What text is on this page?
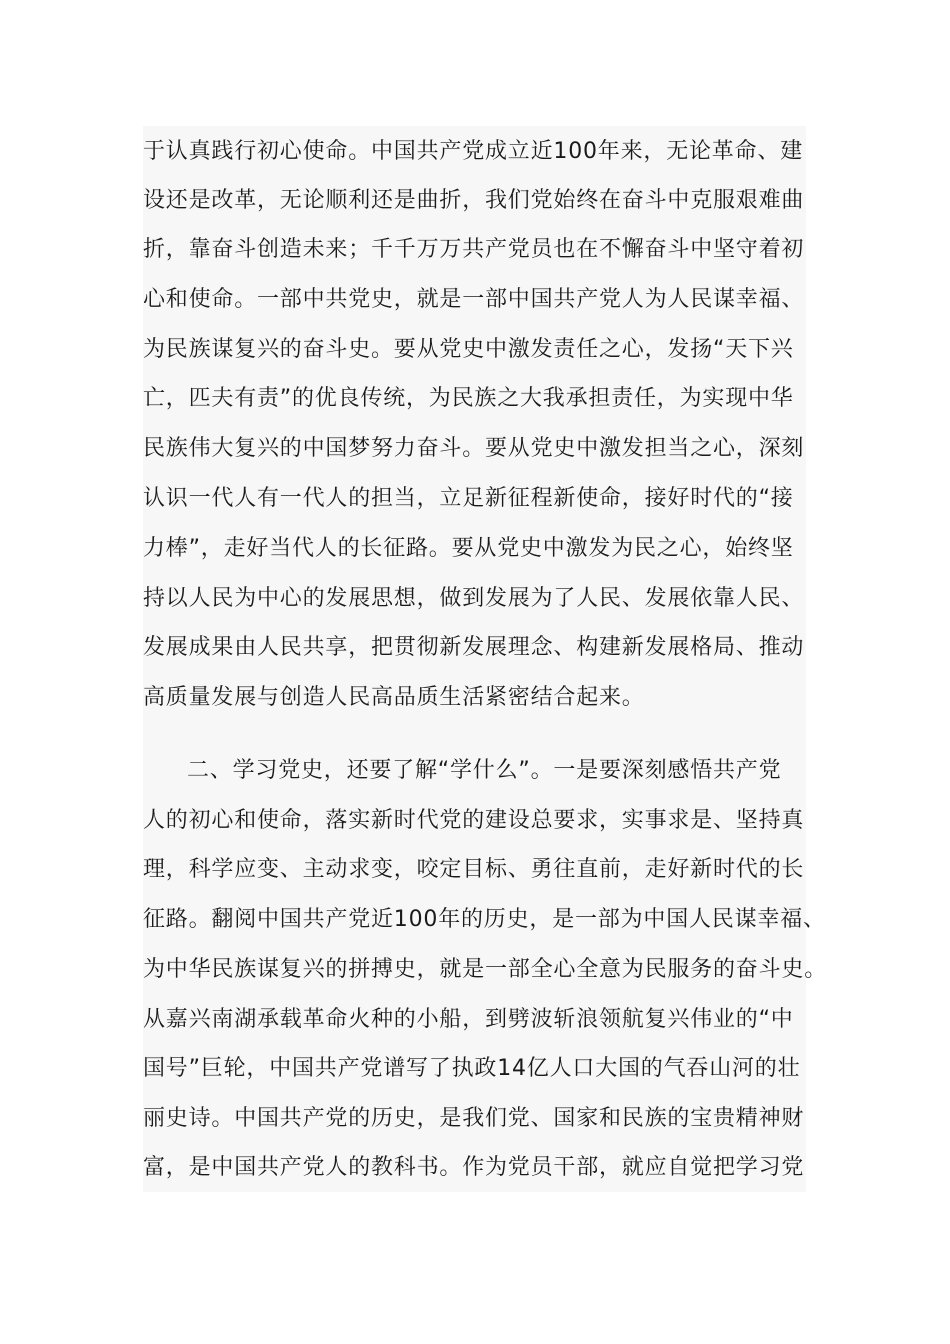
于认真践行初心使命。中国共产党成立近100年来，无论革命、建
设还是改革，无论顺利还是曲折，我们党始终在奋斗中克服艰难曲
折，靠奋斗创造未来；千千万万共产党员也在不懈奋斗中坚守着初
心和使命。一部中共党史，就是一部中国共产党人为人民谋幸福、
为民族谋复兴的奋斗史。要从党史中激发责任之心，发扬“天下兴
亡，匹夫有责”的优良传统，为民族之大我承担责任，为实现中华
民族伟大复兴的中国梦努力奋斗。要从党史中激发担当之心，深刻
认识一代人有一代人的担当，立足新征程新使命，接好时代的“接
力棒”，走好当代人的长征路。要从党史中激发为民之心，始终坚
持以人民为中心的发展思想，做到发展为了人民、发展依靠人民、
发展成果由人民共享，把贯彻新发展理念、构建新发展格局、推动
高质量发展与创造人民高品质生活紧密结合起来。
二、学习党史，还要了解“学什么”。一是要深刻感悟共产党
人的初心和使命，落实新时代党的建设总要求，实事求是、坚持真
理，科学应变、主动求变，咬定目标、勇往直前，走好新时代的长
征路。翻阅中国共产党近100年的历史，是一部为中国人民谋幸福、
为中华民族谋复兴的拼搏史，就是一部全心全意为民服务的奋斗史。
从嘉兴南湖承载革命火种的小船，到劈波斩浪领航复兴伟业的“中
国号”巨轮，中国共产党谱写了执政14亿人口大国的气吞山河的壮
丽史诗。中国共产党的历史，是我们党、国家和民族的宝贵精神财
富，是中国共产党人的教科书。作为党员干部，就应自觉把学习党
